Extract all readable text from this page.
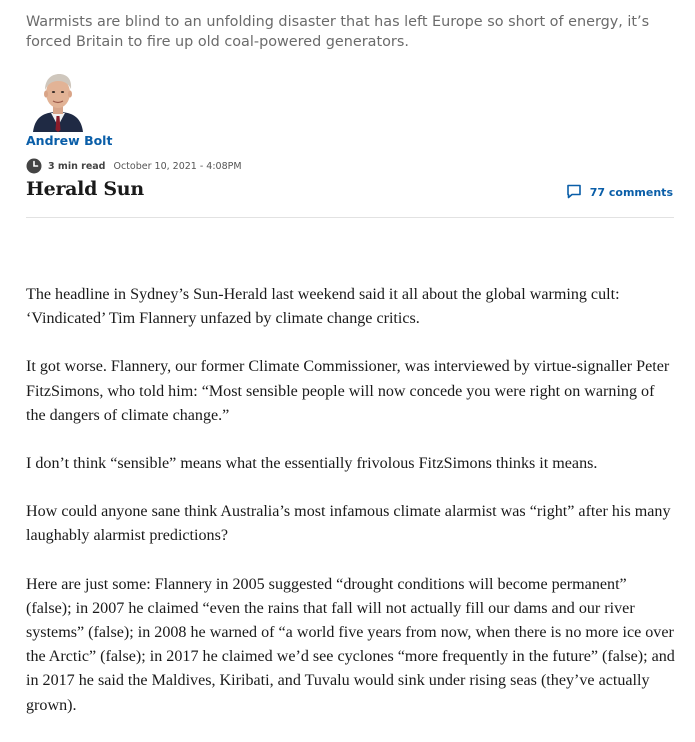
Warmists are blind to an unfolding disaster that has left Europe so short of energy, it’s forced Britain to fire up old coal-powered generators.
Andrew Bolt
3 min read October 10, 2021 - 4:08PM
Herald Sun	77 comments

The headline in Sydney’s Sun-Herald last weekend said it all about the global warming cult: ‘Vindicated’ Tim Flannery unfazed by climate change critics.

It got worse. Flannery, our former Climate Commissioner, was interviewed by virtue-signaller Peter FitzSimons, who told him: “Most sensible people will now concede you were right on warning of the dangers of climate change.”

I don’t think “sensible” means what the essentially frivolous FitzSimons thinks it means.

How could anyone sane think Australia’s most infamous climate alarmist was “right” after his many laughably alarmist predictions?

Here are just some: Flannery in 2005 suggested “drought conditions will become permanent” (false); in 2007 he claimed “even the rains that fall will not actually fill our dams and our river systems” (false); in 2008 he warned of “a world five years from now, when there is no more ice over the Arctic” (false); in 2017 he claimed we’d see cyclones “more frequently in the future” (false); and in 2017 he said the Maldives, Kiribati, and Tuvalu would sink under rising seas (they’ve actually grown).
